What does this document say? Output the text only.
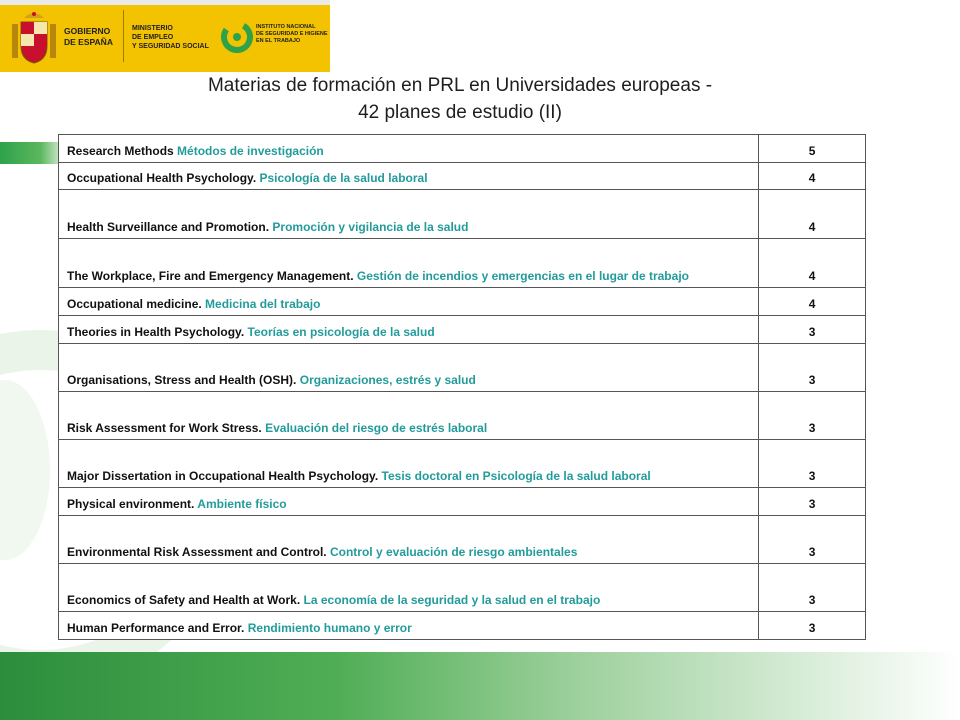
GOBIERNO
DE ESPAÑA
MINISTERIO
DE EMPLEO
Y SEGURIDAD SOCIAL
INSTITUTO NACIONAL
DE SEGURIDAD E HIGIENE
EN EL TRABAJO
Materias de formación en PRL en Universidades europeas -
42 planes de estudio (II)
Research Methods Métodos de investigación	5
Occupational Health Psychology. Psicología de la salud laboral	4
Health Surveillance and Promotion. Promoción y vigilancia de la salud	4
The Workplace, Fire and Emergency Management. Gestión de incendios y emergencias en el lugar de trabajo	4
Occupational medicine. Medicina del trabajo	4
Theories in Health Psychology. Teorías en psicología de la salud	3
Organisations, Stress and Health (OSH). Organizaciones, estrés y salud	3
Risk Assessment for Work Stress. Evaluación del riesgo de estrés laboral	3
Major Dissertation in Occupational Health Psychology. Tesis doctoral en Psicología de la salud laboral	3
Physical environment. Ambiente físico	3
Environmental Risk Assessment and Control. Control y evaluación de riesgo ambientales	3
Economics of Safety and Health at Work. La economía de la seguridad y la salud en el trabajo	3
Human Performance and Error. Rendimiento humano y error	3
